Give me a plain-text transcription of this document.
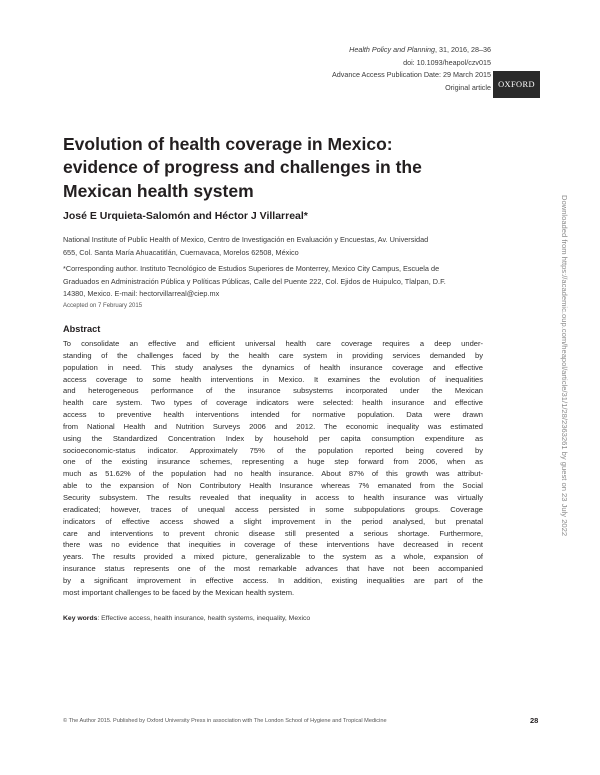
Health Policy and Planning, 31, 2016, 28–36
doi: 10.1093/heapol/czv015
Advance Access Publication Date: 29 March 2015
Original article OXFORD
Evolution of health coverage in Mexico:
evidence of progress and challenges in the
Mexican health system
José E Urquieta-Salomón and Héctor J Villarreal*
National Institute of Public Health of Mexico, Centro de Investigación en Evaluación y Encuestas, Av. Universidad
655, Col. Santa María Ahuacatitlán, Cuernavaca, Morelos 62508, México
*Corresponding author. Instituto Tecnológico de Estudios Superiores de Monterrey, Mexico City Campus, Escuela de
Graduados en Administración Pública y Políticas Públicas, Calle del Puente 222, Col. Ejidos de Huipulco, Tlalpan, D.F.
14380, Mexico. E-mail: hectorvillarreal@ciep.mx
Accepted on 7 February 2015
Abstract
To consolidate an effective and efficient universal health care coverage requires a deep under-
standing of the challenges faced by the health care system in providing services demanded by
population in need. This study analyses the dynamics of health insurance coverage and effective
access coverage to some health interventions in Mexico. It examines the evolution of inequalities
and heterogeneous performance of the insurance subsystems incorporated under the Mexican
health care system. Two types of coverage indicators were selected: health insurance and effective
access to preventive health interventions intended for normative population. Data were drawn
from National Health and Nutrition Surveys 2006 and 2012. The economic inequality was estimated
using the Standardized Concentration Index by household per capita consumption expenditure as
socioeconomic-status indicator. Approximately 75% of the population reported being covered by
one of the existing insurance schemes, representing a huge step forward from 2006, when as
much as 51.62% of the population had no health insurance. About 87% of this growth was attribut-
able to the expansion of Non Contributory Health Insurance whereas 7% emanated from the Social
Security subsystem. The results revealed that inequality in access to health insurance was virtually
eradicated; however, traces of unequal access persisted in some subpopulations groups. Coverage
indicators of effective access showed a slight improvement in the period analysed, but prenatal
care and interventions to prevent chronic disease still presented a serious shortage. Furthermore,
there was no evidence that inequities in coverage of these interventions have decreased in recent
years. The results provided a mixed picture, generalizable to the system as a whole, expansion of
insurance status represents one of the most remarkable advances that have not been accompanied
by a significant improvement in effective access. In addition, existing inequalities are part of the
most important challenges to be faced by the Mexican health system.
Key words: Effective access, health insurance, health systems, inequality, Mexico
© The Author 2015. Published by Oxford University Press in association with The London School of Hygiene and Tropical Medicine	28
Downloaded from https://academic.oup.com/heapol/article/31/1/28/2363261 by guest on 23 July 2022
